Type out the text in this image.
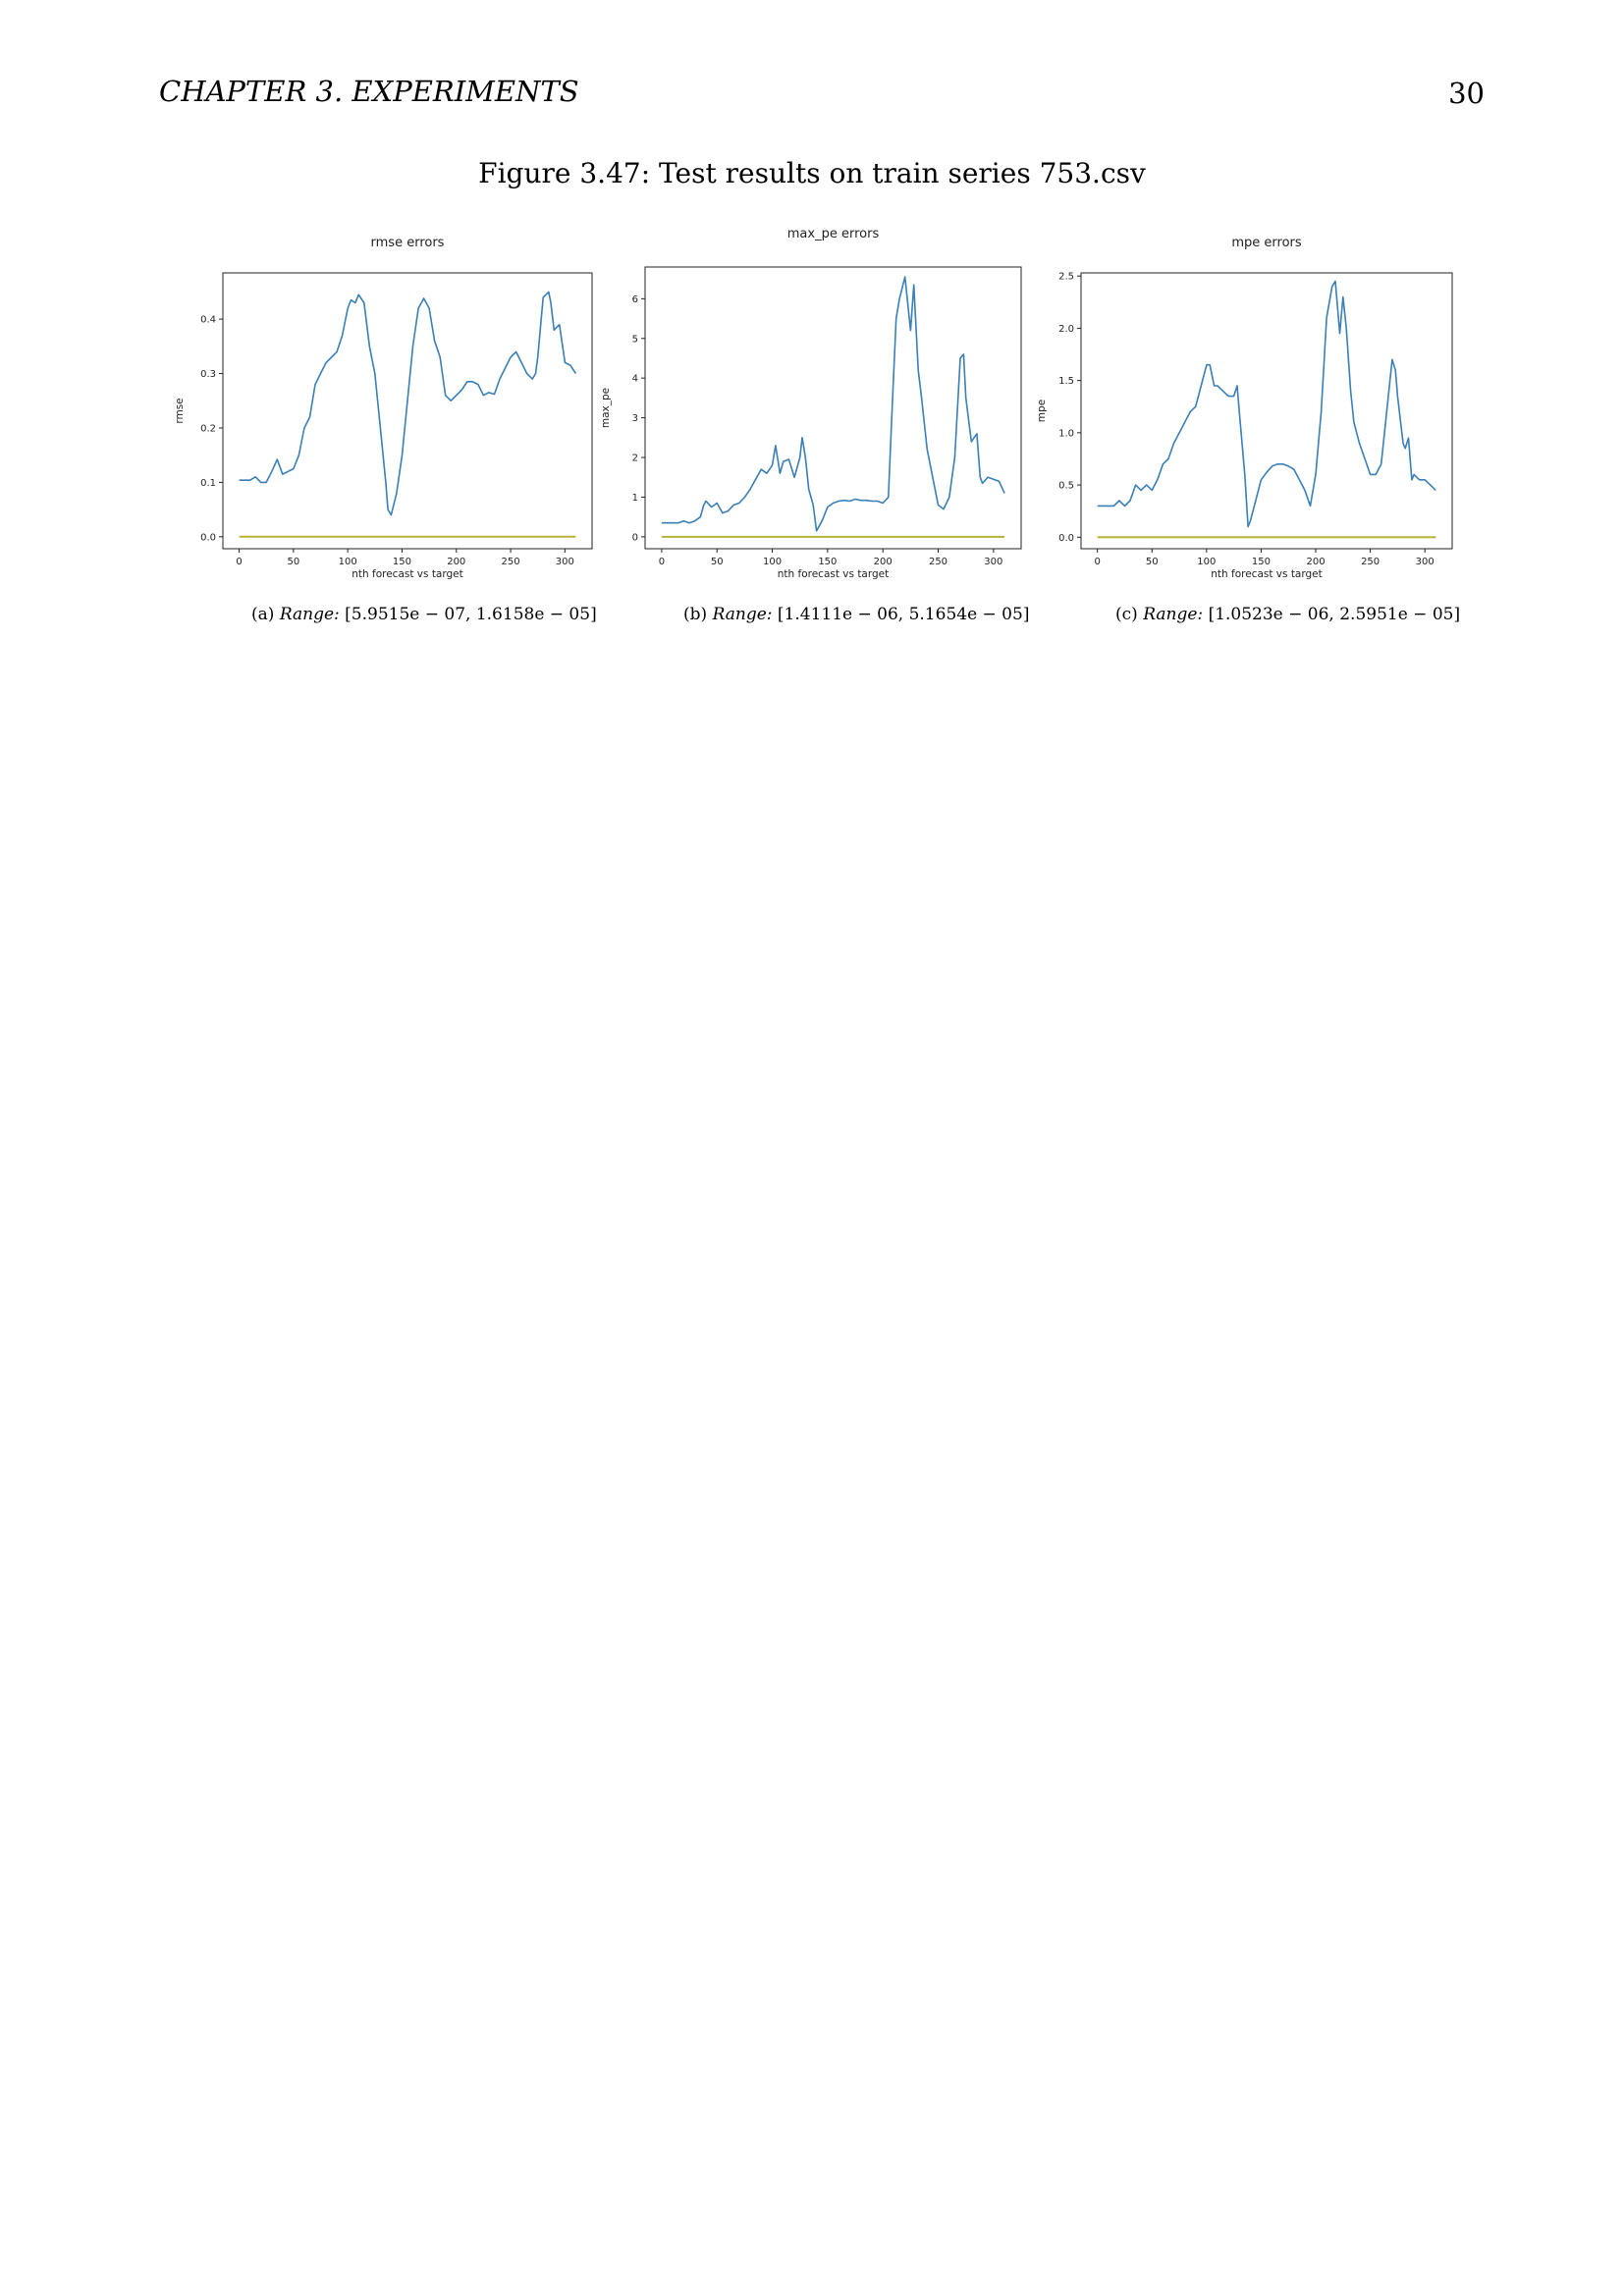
CHAPTER 3. EXPERIMENTS	30
Figure 3.47: Test results on train series 753.csv
rmse errors
0	50	100	150	200	250	300
0.0
0.1
0.2
0.3
0.4
nth forecast vs target
rmse
max_pe errors
0	50	100	150	200	250	300
0
1
2
3
4
5
6
nth forecast vs target
max_pe
mpe errors
0	50	100	150	200	250	300
0.0
0.5
1.0
1.5
2.0
2.5
nth forecast vs target
mpe
(a) Range: [5.9515e − 07, 1.6158e − 05]	(b) Range: [1.4111e − 06, 5.1654e − 05]	(c) Range: [1.0523e − 06, 2.5951e − 05]
